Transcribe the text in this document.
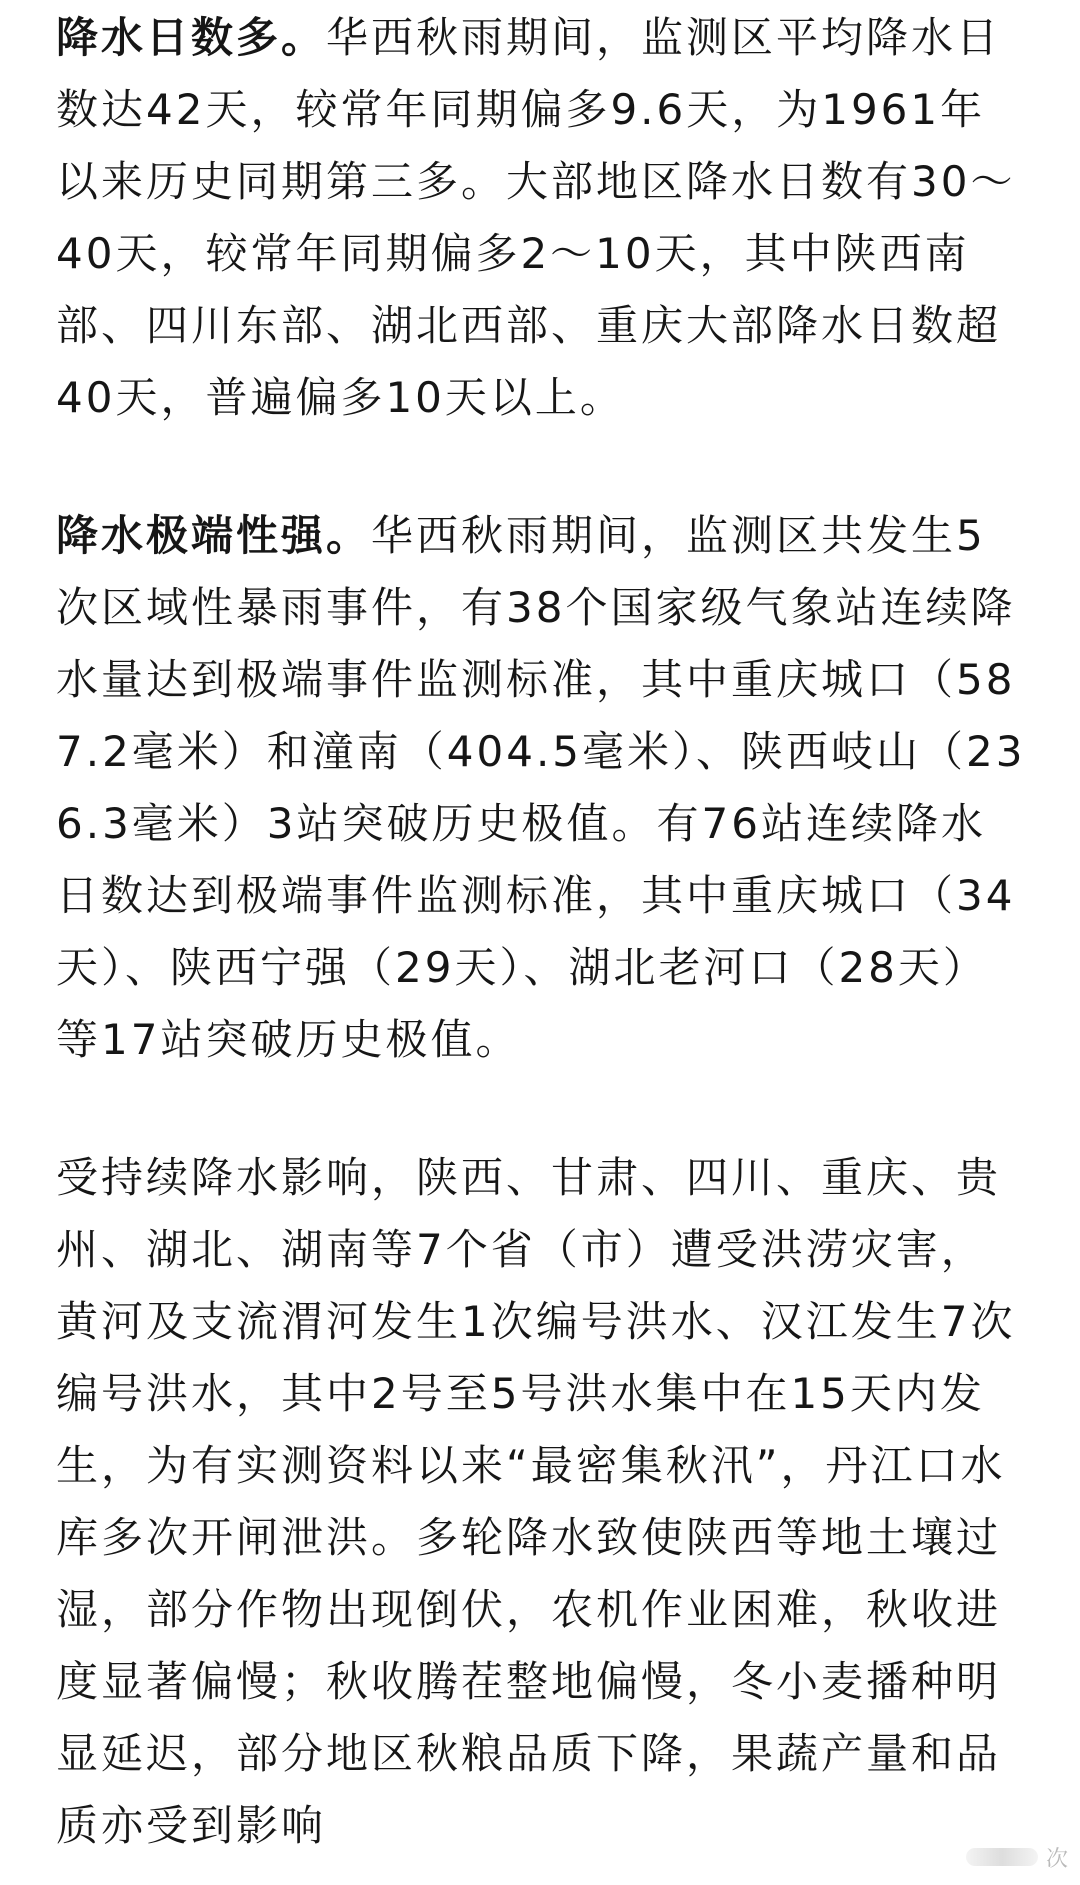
降水日数多。华西秋雨期间，监测区平均降水日数达42天，较常年同期偏多9.6天，为1961年以来历史同期第三多。大部地区降水日数有30～40天，较常年同期偏多2～10天，其中陕西南部、四川东部、湖北西部、重庆大部降水日数超40天，普遍偏多10天以上。

降水极端性强。华西秋雨期间，监测区共发生5次区域性暴雨事件，有38个国家级气象站连续降水量达到极端事件监测标准，其中重庆城口（587.2毫米）和潼南（404.5毫米）、陕西岐山（236.3毫米）3站突破历史极值。有76站连续降水日数达到极端事件监测标准，其中重庆城口（34天）、陕西宁强（29天）、湖北老河口（28天）等17站突破历史极值。

受持续降水影响，陕西、甘肃、四川、重庆、贵州、湖北、湖南等7个省（市）遭受洪涝灾害，黄河及支流渭河发生1次编号洪水、汉江发生7次编号洪水，其中2号至5号洪水集中在15天内发生，为有实测资料以来“最密集秋汛”，丹江口水库多次开闸泄洪。多轮降水致使陕西等地土壤过湿，部分作物出现倒伏，农机作业困难，秋收进度显著偏慢；秋收腾茬整地偏慢，冬小麦播种明显延迟，部分地区秋粮品质下降，果蔬产量和品质亦受到影响

次
